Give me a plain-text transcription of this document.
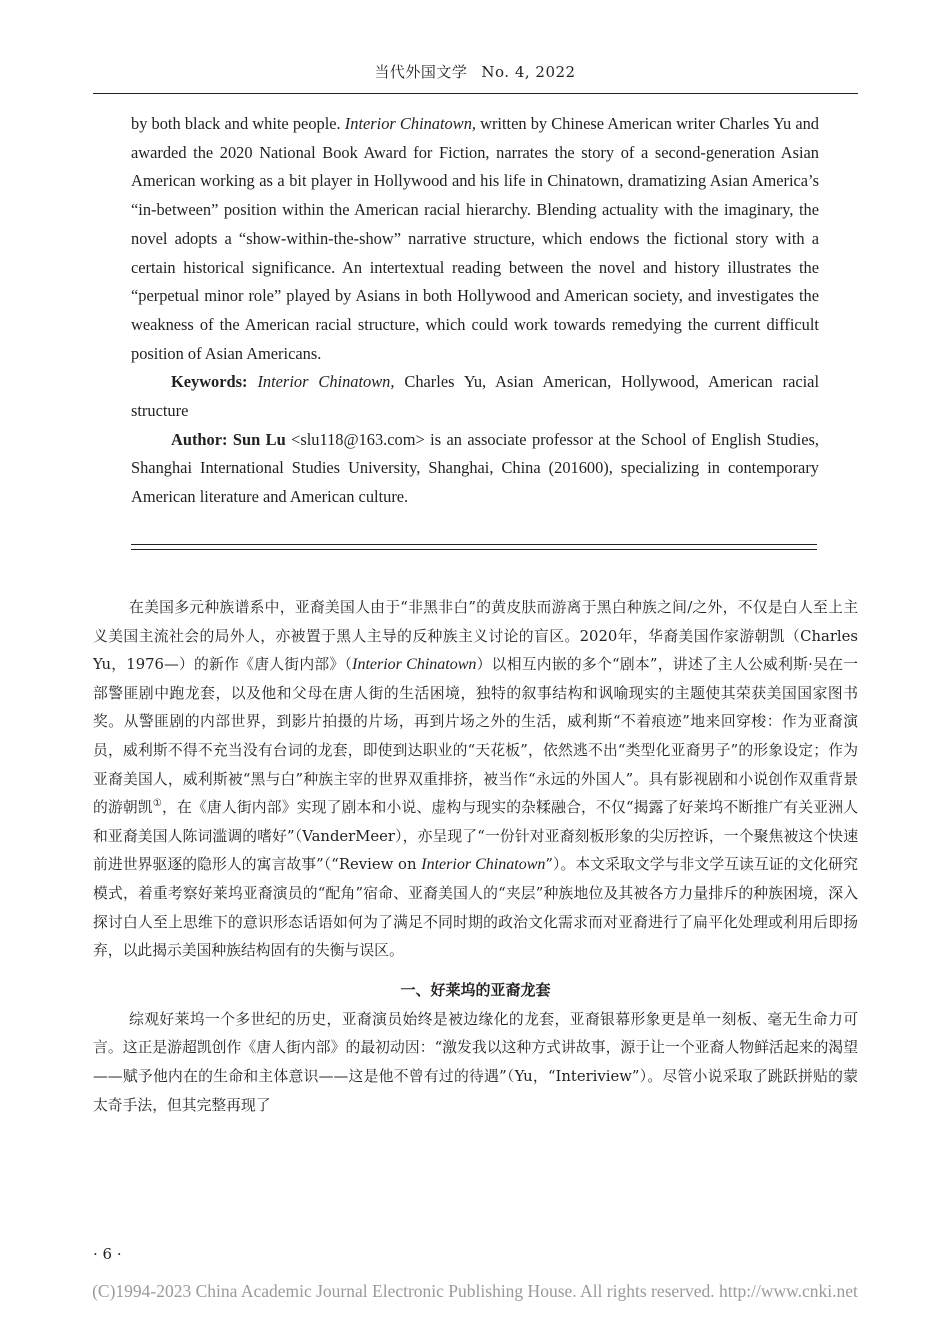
当代外国文学 No. 4, 2022

by both black and white people. Interior Chinatown, written by Chinese American writer Charles Yu and awarded the 2020 National Book Award for Fiction, narrates the story of a second-generation Asian American working as a bit player in Hollywood and his life in Chinatown, dramatizing Asian America’s “in-between” position within the American racial hierarchy. Blending actuality with the imaginary, the novel adopts a “show-within-the-show” narrative structure, which endows the fictional story with a certain historical significance. An intertextual reading between the novel and history illustrates the “perpetual minor role” played by Asians in both Hollywood and American society, and investigates the weakness of the American racial structure, which could work towards remedying the current difficult position of Asian Americans.

Keywords: Interior Chinatown, Charles Yu, Asian American, Hollywood, American racial structure

Author: Sun Lu <slu118@163.com> is an associate professor at the School of English Studies, Shanghai International Studies University, Shanghai, China (201600), specializing in contemporary American literature and American culture.

在美国多元种族谱系中，亚裔美国人由于“非黑非白”的黄皮肤而游离于黑白种族之间/之外，不仅是白人至上主义美国主流社会的局外人，亦被置于黑人主导的反种族主义讨论的盲区。2020年，华裔美国作家游朝凯（Charles Yu，1976—）的新作《唐人街内部》（Interior Chinatown）以相互内嵌的多个“剧本”，讲述了主人公威利斯·吴在一部警匪剧中跑龙套，以及他和父母在唐人街的生活困境，独特的叙事结构和讽喻现实的主题使其荣获美国国家图书奖。从警匪剧的内部世界，到影片拍摄的片场，再到片场之外的生活，威利斯“不着痕迹”地来回穿梭：作为亚裔演员，威利斯不得不充当没有台词的龙套，即使到达职业的“天花板”，依然逃不出“类型化亚裔男子”的形象设定；作为亚裔美国人，威利斯被“黑与白”种族主宰的世界双重排挤，被当作“永远的外国人”。具有影视剧和小说创作双重背景的游朝凯①，在《唐人街内部》实现了剧本和小说、虚构与现实的杂糅融合，不仅“揭露了好莱坞不断推广有关亚洲人和亚裔美国人陈词滥调的嗜好”（VanderMeer），亦呈现了“一份针对亚裔刻板形象的尖厉控诉，一个聚焦被这个快速前进世界驱逐的隐形人的寓言故事”（“Review on Interior Chinatown”）。本文采取文学与非文学互读互证的文化研究模式，着重考察好莱坞亚裔演员的“配角”宿命、亚裔美国人的“夹层”种族地位及其被各方力量排斥的种族困境，深入探讨白人至上思维下的意识形态话语如何为了满足不同时期的政治文化需求而对亚裔进行了扁平化处理或利用后即扬弃，以此揭示美国种族结构固有的失衡与误区。

一、好莱坞的亚裔龙套

综观好莱坞一个多世纪的历史，亚裔演员始终是被边缘化的龙套，亚裔银幕形象更是单一刻板、毫无生命力可言。这正是游超凯创作《唐人街内部》的最初动因：“激发我以这种方式讲故事，源于让一个亚裔人物鲜活起来的渴望——赋予他内在的生命和主体意识——这是他不曾有过的待遇”（Yu，“Interiview”）。尽管小说采取了跳跃拼贴的蒙太奇手法，但其完整再现了

· 6 ·
(C)1994-2023 China Academic Journal Electronic Publishing House. All rights reserved. http://www.cnki.net
